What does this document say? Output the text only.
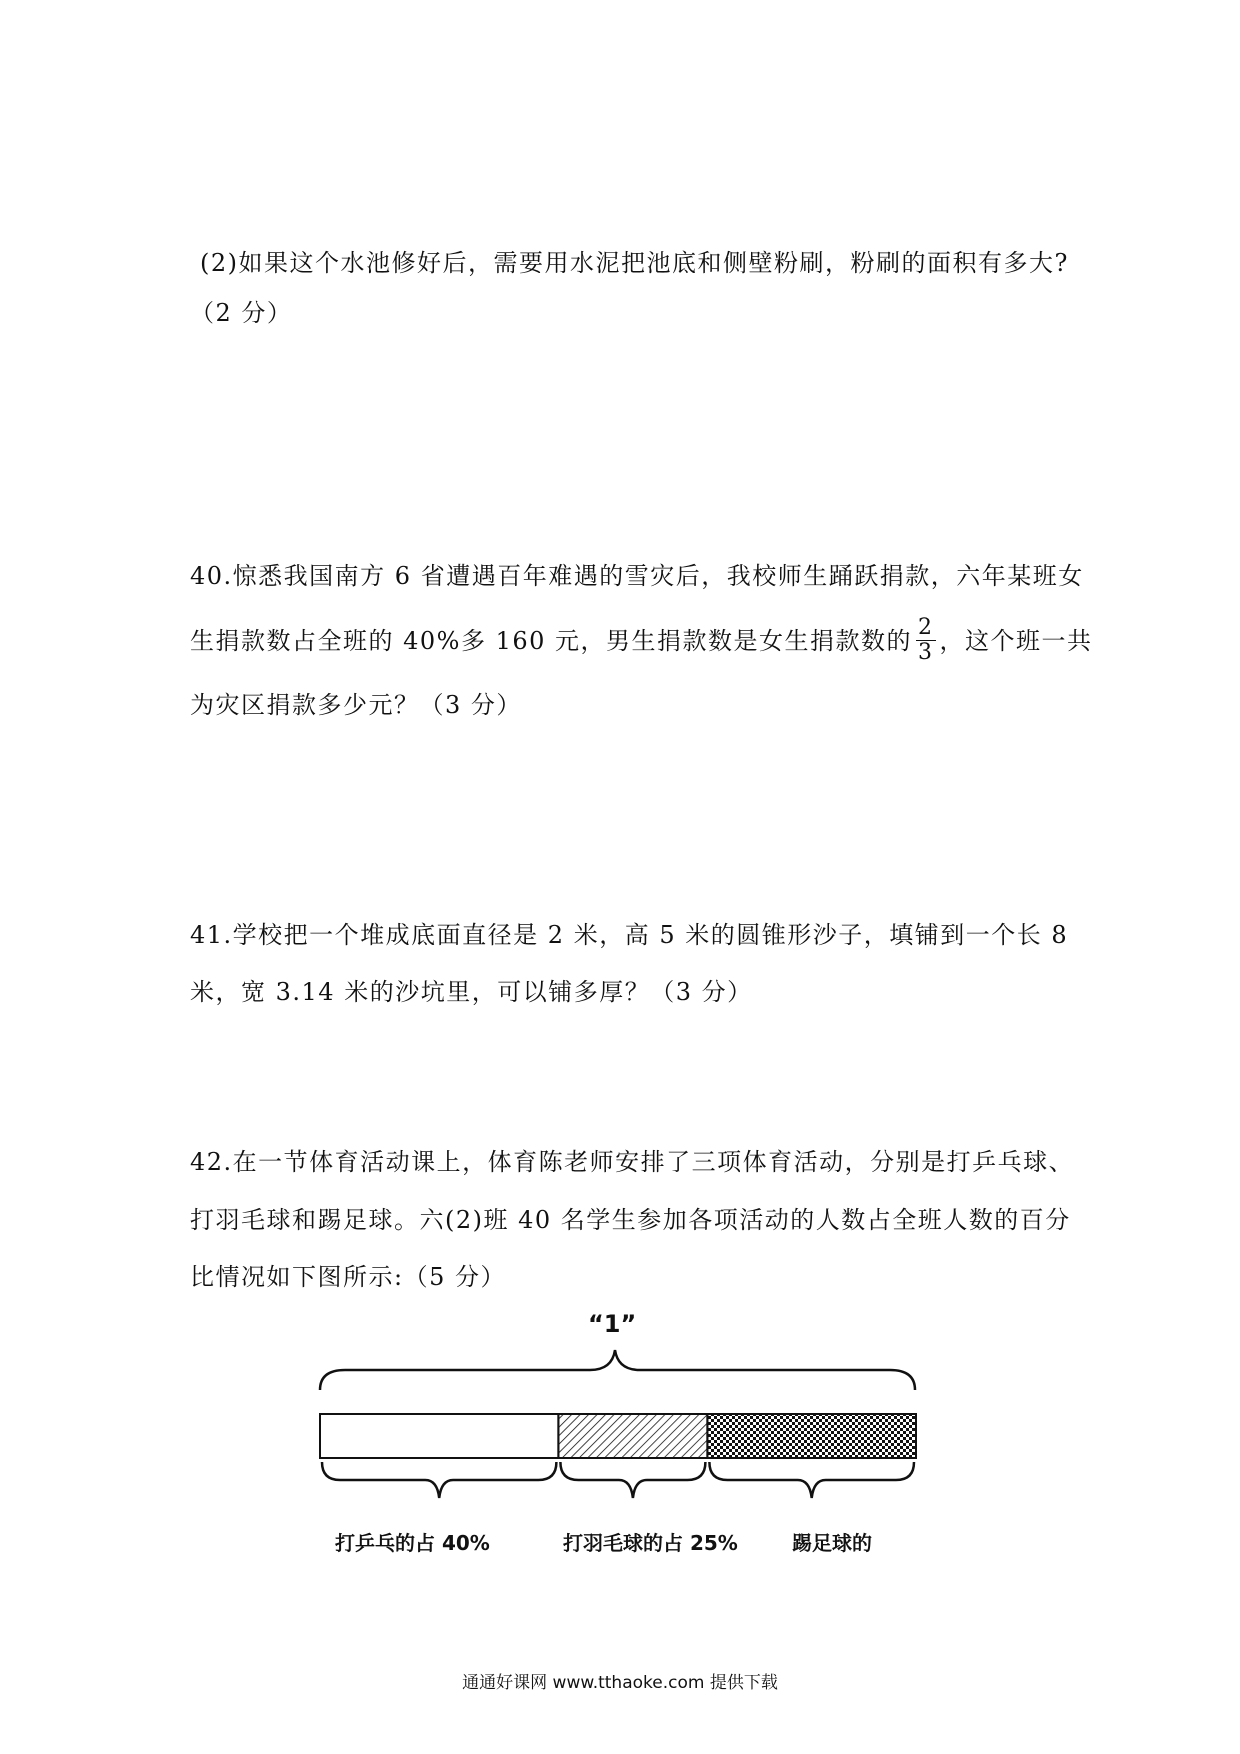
(2)如果这个水池修好后，需要用水泥把池底和侧壁粉刷，粉刷的面积有多大?
（2 分）
40.惊悉我国南方 6 省遭遇百年难遇的雪灾后，我校师生踊跃捐款，六年某班女
生捐款数占全班的 40%多 160 元，男生捐款数是女生捐款数的 $\frac{2}{3}$ ，这个班一共
为灾区捐款多少元？（3 分）
41.学校把一个堆成底面直径是 2 米，高 5 米的圆锥形沙子，填铺到一个长 8
米，宽 3.14 米的沙坑里，可以铺多厚？（3 分）
42.在一节体育活动课上，体育陈老师安排了三项体育活动，分别是打乒乓球、
打羽毛球和踢足球。六(2)班 40 名学生参加各项活动的人数占全班人数的百分
比情况如下图所示:（5 分）
“1”
打乒乓的占 40%	打羽毛球的占 25%	踢足球的
通通好课网 www.tthaoke.com 提供下载
